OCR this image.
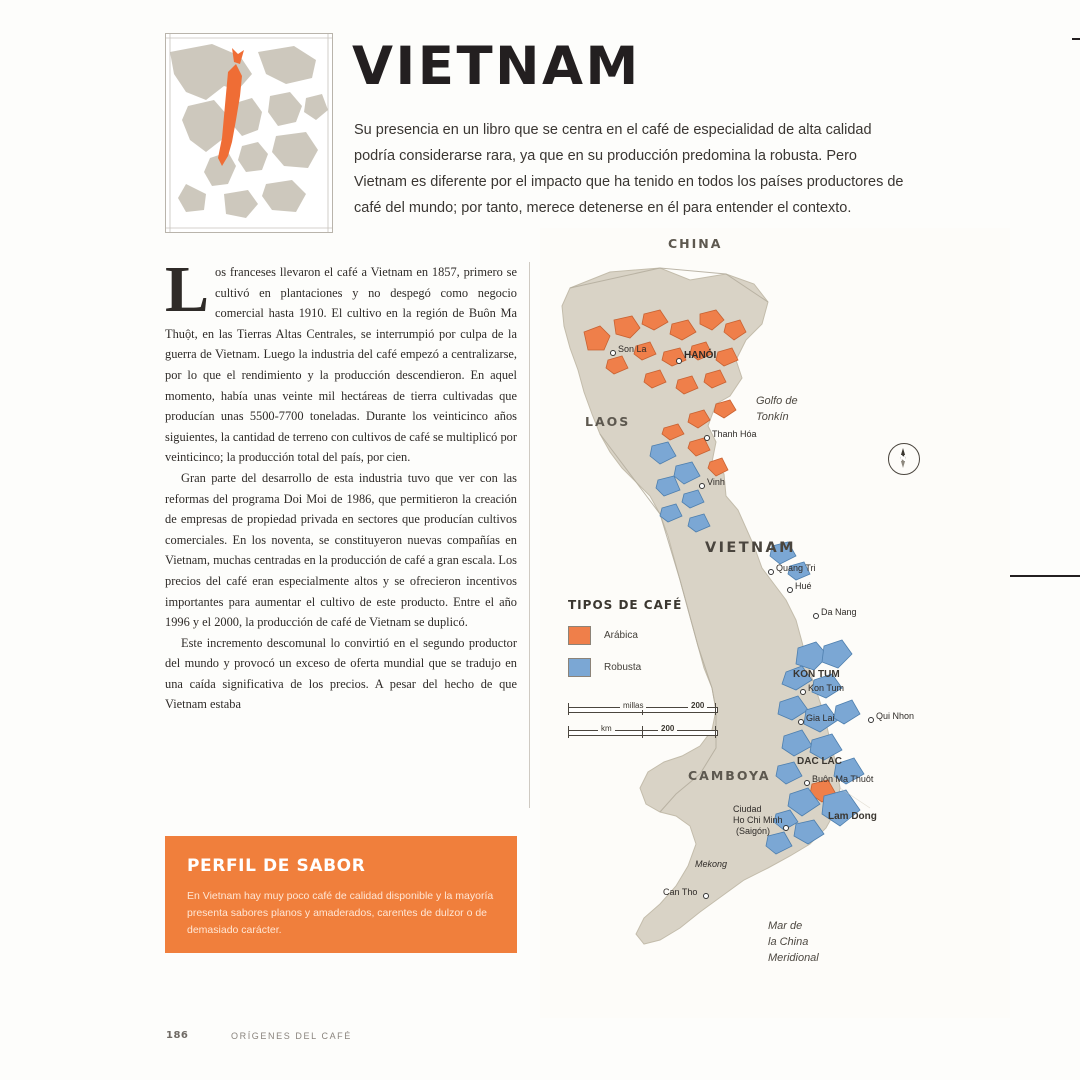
VIETNAM
Su presencia en un libro que se centra en el café de especialidad de alta calidad podría considerarse rara, ya que en su producción predomina la robusta. Pero Vietnam es diferente por el impacto que ha tenido en todos los países productores de café del mundo; por tanto, merece detenerse en él para entender el contexto.

Los franceses llevaron el café a Vietnam en 1857, primero se cultivó en plantaciones y no despegó como negocio comercial hasta 1910. El cultivo en la región de Buôn Ma Thuột, en las Tierras Altas Centrales, se interrumpió por culpa de la guerra de Vietnam. Luego la industria del café empezó a centralizarse, por lo que el rendimiento y la producción descendieron. En aquel momento, había unas veinte mil hectáreas de tierra cultivadas que producían unas 5500-7700 toneladas. Durante los veinticinco años siguientes, la cantidad de terreno con cultivos de café se multiplicó por veinticinco; la producción total del país, por cien.

Gran parte del desarrollo de esta industria tuvo que ver con las reformas del programa Doi Moi de 1986, que permitieron la creación de empresas de propiedad privada en sectores que producían cultivos comerciales. En los noventa, se constituyeron nuevas compañías en Vietnam, muchas centradas en la producción de café a gran escala. Los precios del café eran especialmente altos y se ofrecieron incentivos importantes para aumentar el cultivo de este producto. Entre el año 1996 y el 2000, la producción de café de Vietnam se duplicó.

Este incremento descomunal lo convirtió en el segundo productor del mundo y provocó un exceso de oferta mundial que se tradujo en una caída significativa de los precios. A pesar del hecho de que Vietnam estaba

PERFIL DE SABOR
En Vietnam hay muy poco café de calidad disponible y la mayoría presenta sabores planos y amaderados, carentes de dulzor o de demasiado carácter.
186	ORÍGENES DEL CAFÉ
CHINA
LAOS
VIETNAM
CAMBOYA
Golfo de
Tonkín
Mar de
la China
Meridional
Son La
HANÓI
Thanh Hóa
Vinh
Quang Tri
Hué
Da Nang
KON TUM
Kon Tum
Gia Lai	Qui Nhon
DAC LAC
Buôn Ma Thuôt
Lam Dong
Ciudad
Ho Chi Minh
(Saigón)
Mekong
Can Tho
TIPOS DE CAFÉ
Arábica
Robusta
millas	200
km	200
N
